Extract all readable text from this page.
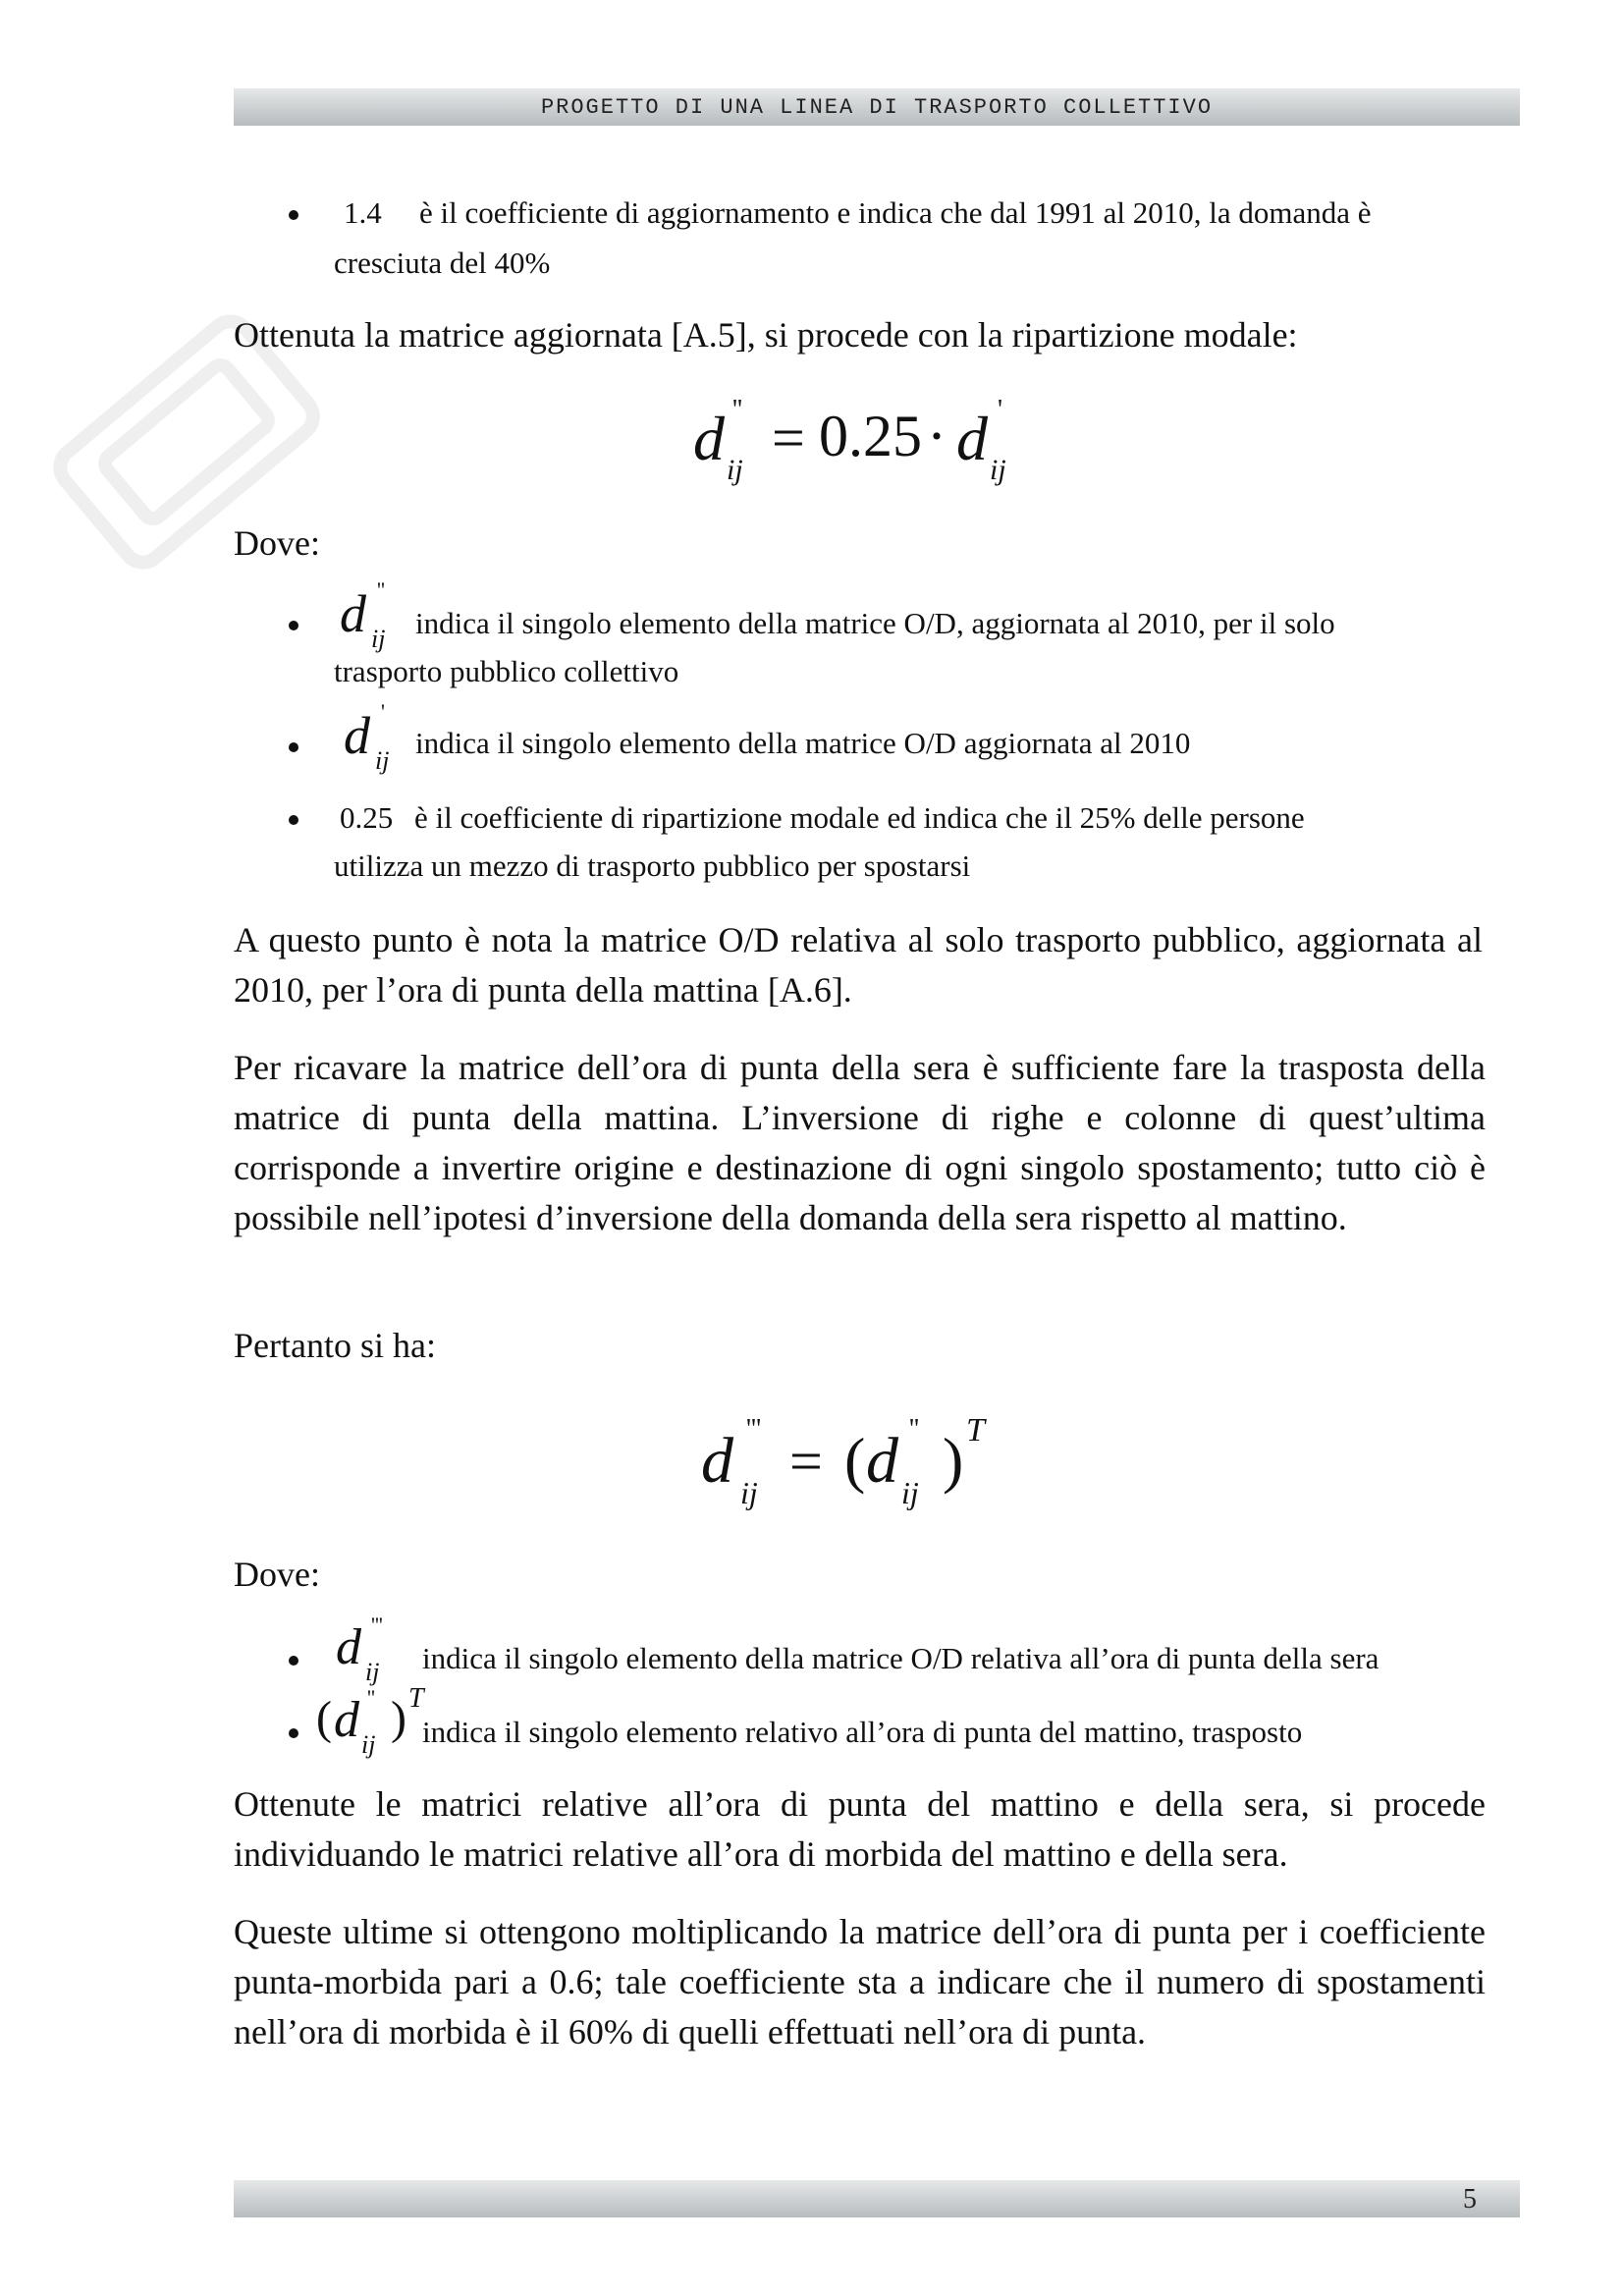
PROGETTO DI UNA LINEA DI TRASPORTO COLLETTIVO
1.4 è il coefficiente di aggiornamento e indica che dal 1991 al 2010, la domanda è
cresciuta del 40%
Ottenuta la matrice aggiornata [A.5], si procede con la ripartizione modale:
d ''
ij = 0.25 · d '
ij
Dove:
d ''
ij indica il singolo elemento della matrice O/D, aggiornata al 2010, per il solo
trasporto pubblico collettivo
d '
ij
indica il singolo elemento della matrice O/D aggiornata al 2010
0.25 è il coefficiente di ripartizione modale ed indica che il 25% delle persone
utilizza un mezzo di trasporto pubblico per spostarsi
A questo punto è nota la matrice O/D relativa al solo trasporto pubblico, aggiornata al 2010, per l’ora di punta della mattina [A.6].
Per ricavare la matrice dell’ora di punta della sera è sufficiente fare la trasposta della matrice di punta della mattina. L’inversione di righe e colonne di quest’ultima corrisponde a invertire origine e destinazione di ogni singolo spostamento; tutto ciò è possibile nell’ipotesi d’inversione della domanda della sera rispetto al mattino.
Pertanto si ha:
d '''
ij = ( d ''
ij ) T
Dove:
d '''
ij indica il singolo elemento della matrice O/D relativa all’ora di punta della sera
( d ''
ij
) T
indica il singolo elemento relativo all’ora di punta del mattino, trasposto
Ottenute le matrici relative all’ora di punta del mattino e della sera, si procede individuando le matrici relative all’ora di morbida del mattino e della sera.
Queste ultime si ottengono moltiplicando la matrice dell’ora di punta per i coefficiente punta-morbida pari a 0.6; tale coefficiente sta a indicare che il numero di spostamenti nell’ora di morbida è il 60% di quelli effettuati nell’ora di punta.
5
